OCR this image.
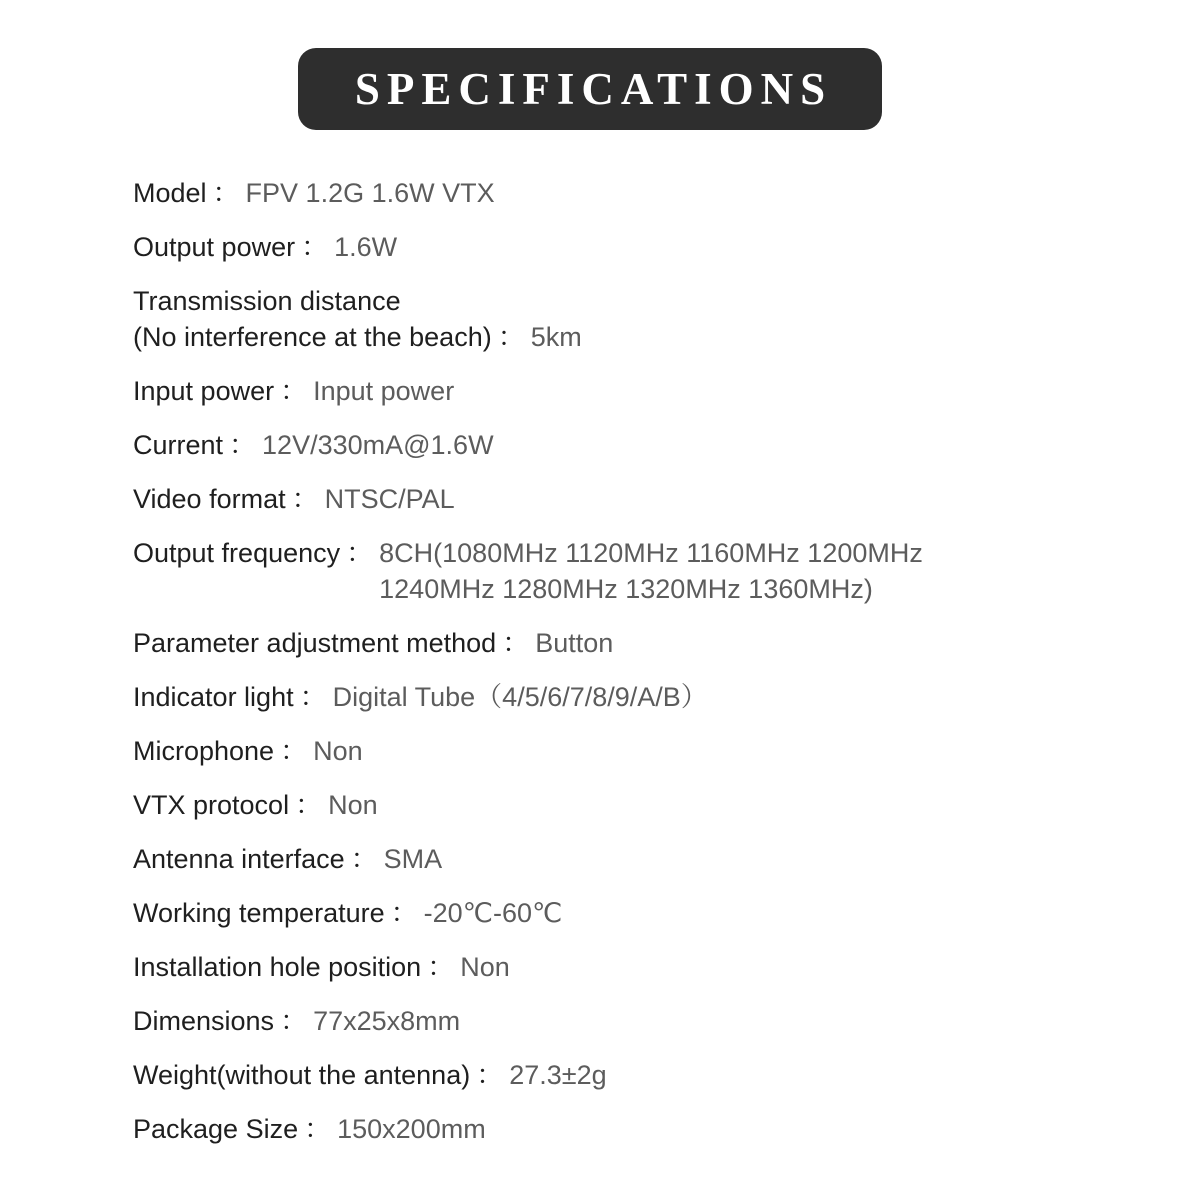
SPECIFICATIONS

Model ： FPV 1.2G 1.6W VTX

Output power ： 1.6W

Transmission distance
(No interference at the beach) ： 5km

Input power ： Input power

Current ： 12V/330mA@1.6W

Video format ： NTSC/PAL

Output frequency ： 8CH(1080MHz 1120MHz 1160MHz 1200MHz
1240MHz 1280MHz 1320MHz 1360MHz)

Parameter adjustment method ： Button

Indicator light ： Digital Tube（4/5/6/7/8/9/A/B）

Microphone ： Non

VTX protocol ： Non

Antenna interface ： SMA

Working temperature ： -20℃-60℃

Installation hole position ： Non

Dimensions ： 77x25x8mm

Weight(without the antenna) ： 27.3±2g

Package Size ： 150x200mm
